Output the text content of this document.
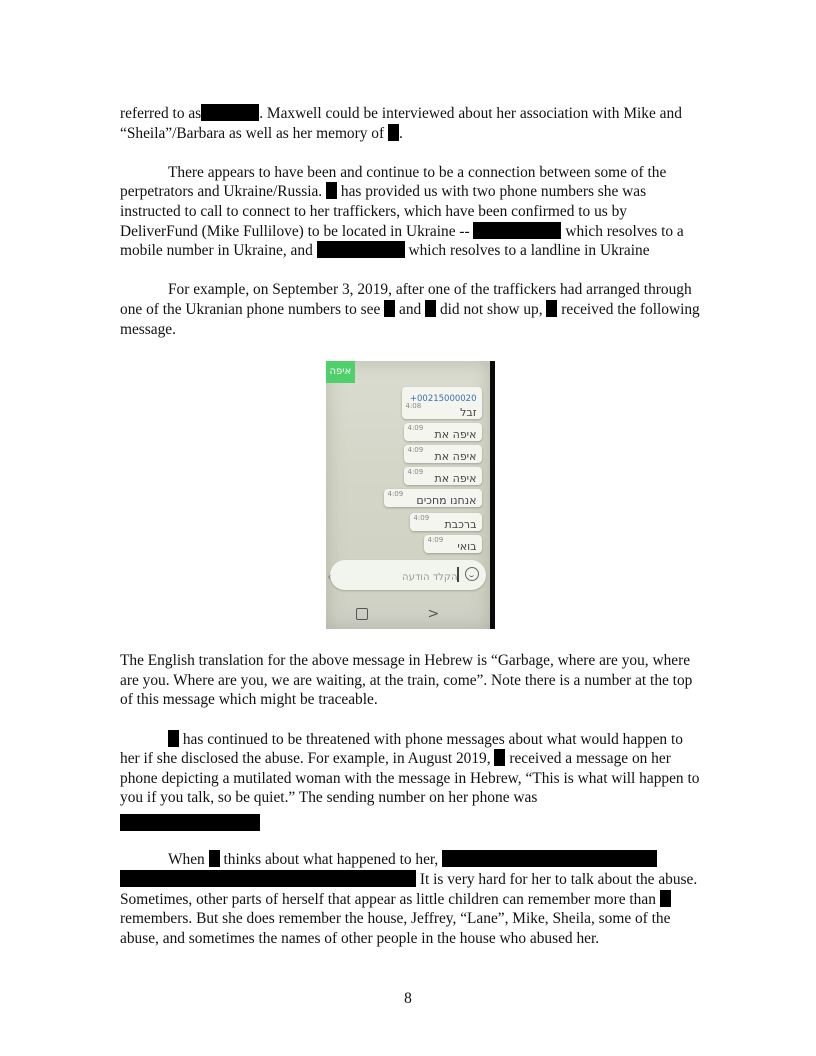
referred to as	. Maxwell could be interviewed about her association with Mike and “Sheila”/Barbara as well as her memory of .

There appears to have been and continue to be a connection between some of the perpetrators and Ukraine/Russia. has provided us with two phone numbers she was instructed to call to connect to her traffickers, which have been confirmed to us by DeliverFund (Mike Fullilove) to be located in Ukraine --	which resolves to a mobile number in Ukraine, and	which resolves to a landline in Ukraine

For example, on September 3, 2019, after one of the traffickers had arranged through one of the Ukranian phone numbers to see and did not show up, received the following message.

איפה
+00215000020
4:08
זבל
4:09
איפה את
4:09
איפה את
4:09
איפה את
4:09
אנחנו מחכים
4:09
ברכבת
4:09
בואי
‹	הקלד הודעה
>

The English translation for the above message in Hebrew is “Garbage, where are you, where are you. Where are you, we are waiting, at the train, come”. Note there is a number at the top of this message which might be traceable.

has continued to be threatened with phone messages about what would happen to her if she disclosed the abuse. For example, in August 2019, received a message on her phone depicting a mutilated woman with the message in Hebrew, “This is what will happen to you if you talk, so be quiet.” The sending number on her phone was

When thinks about what happened to her,   It is very hard for her to talk about the abuse. Sometimes, other parts of herself that appear as little children can remember more than  remembers. But she does remember the house, Jeffrey, “Lane”, Mike, Sheila, some of the abuse, and sometimes the names of other people in the house who abused her.

8
